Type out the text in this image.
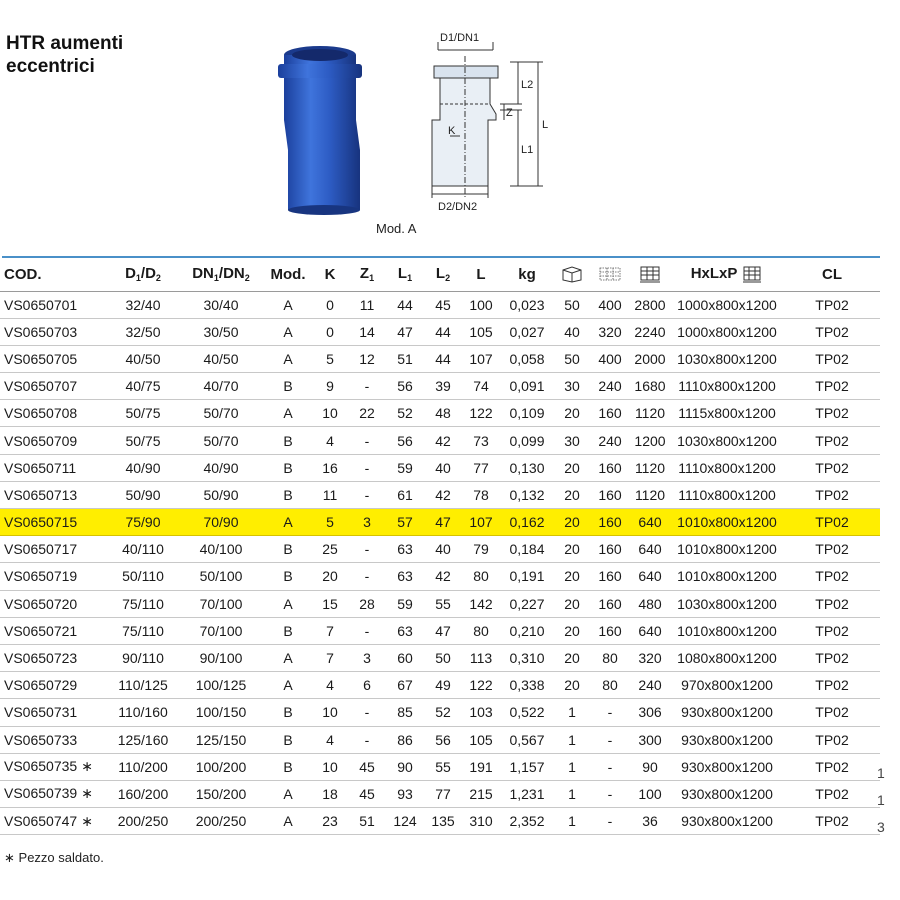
HTR aumenti
eccentrici
D1/DN1
D2/DN2
L
L2
L1
Z
K
Mod. A
COD.	$D_1/D_2$	$DN_1/DN_2$	Mod.	K	$Z_1$	$L_1$	$L_2$	L	kg				HxLxP	CL
VS0650701	32/40	30/40	A	0	11	44	45	100	0,023	50	400	2800	1000x800x1200	TP02
VS0650703	32/50	30/50	A	0	14	47	44	105	0,027	40	320	2240	1000x800x1200	TP02
VS0650705	40/50	40/50	A	5	12	51	44	107	0,058	50	400	2000	1030x800x1200	TP02
VS0650707	40/75	40/70	B	9	-	56	39	74	0,091	30	240	1680	1110x800x1200	TP02
VS0650708	50/75	50/70	A	10	22	52	48	122	0,109	20	160	1120	1115x800x1200	TP02
VS0650709	50/75	50/70	B	4	-	56	42	73	0,099	30	240	1200	1030x800x1200	TP02
VS0650711	40/90	40/90	B	16	-	59	40	77	0,130	20	160	1120	1110x800x1200	TP02
VS0650713	50/90	50/90	B	11	-	61	42	78	0,132	20	160	1120	1110x800x1200	TP02
VS0650715	75/90	70/90	A	5	3	57	47	107	0,162	20	160	640	1010x800x1200	TP02
VS0650717	40/110	40/100	B	25	-	63	40	79	0,184	20	160	640	1010x800x1200	TP02
VS0650719	50/110	50/100	B	20	-	63	42	80	0,191	20	160	640	1010x800x1200	TP02
VS0650720	75/110	70/100	A	15	28	59	55	142	0,227	20	160	480	1030x800x1200	TP02
VS0650721	75/110	70/100	B	7	-	63	47	80	0,210	20	160	640	1010x800x1200	TP02
VS0650723	90/110	90/100	A	7	3	60	50	113	0,310	20	80	320	1080x800x1200	TP02
VS0650729	110/125	100/125	A	4	6	67	49	122	0,338	20	80	240	970x800x1200	TP02
VS0650731	110/160	100/150	B	10	-	85	52	103	0,522	1	-	306	930x800x1200	TP02
VS0650733	125/160	125/150	B	4	-	86	56	105	0,567	1	-	300	930x800x1200	TP02
VS0650735 ∗	110/200	100/200	B	10	45	90	55	191	1,157	1	-	90	930x800x1200	TP02
VS0650739 ∗	160/200	150/200	A	18	45	93	77	215	1,231	1	-	100	930x800x1200	TP02
VS0650747 ∗	200/250	200/250	A	23	51	124	135	310	2,352	1	-	36	930x800x1200	TP02
1
1
3
∗ Pezzo saldato.
